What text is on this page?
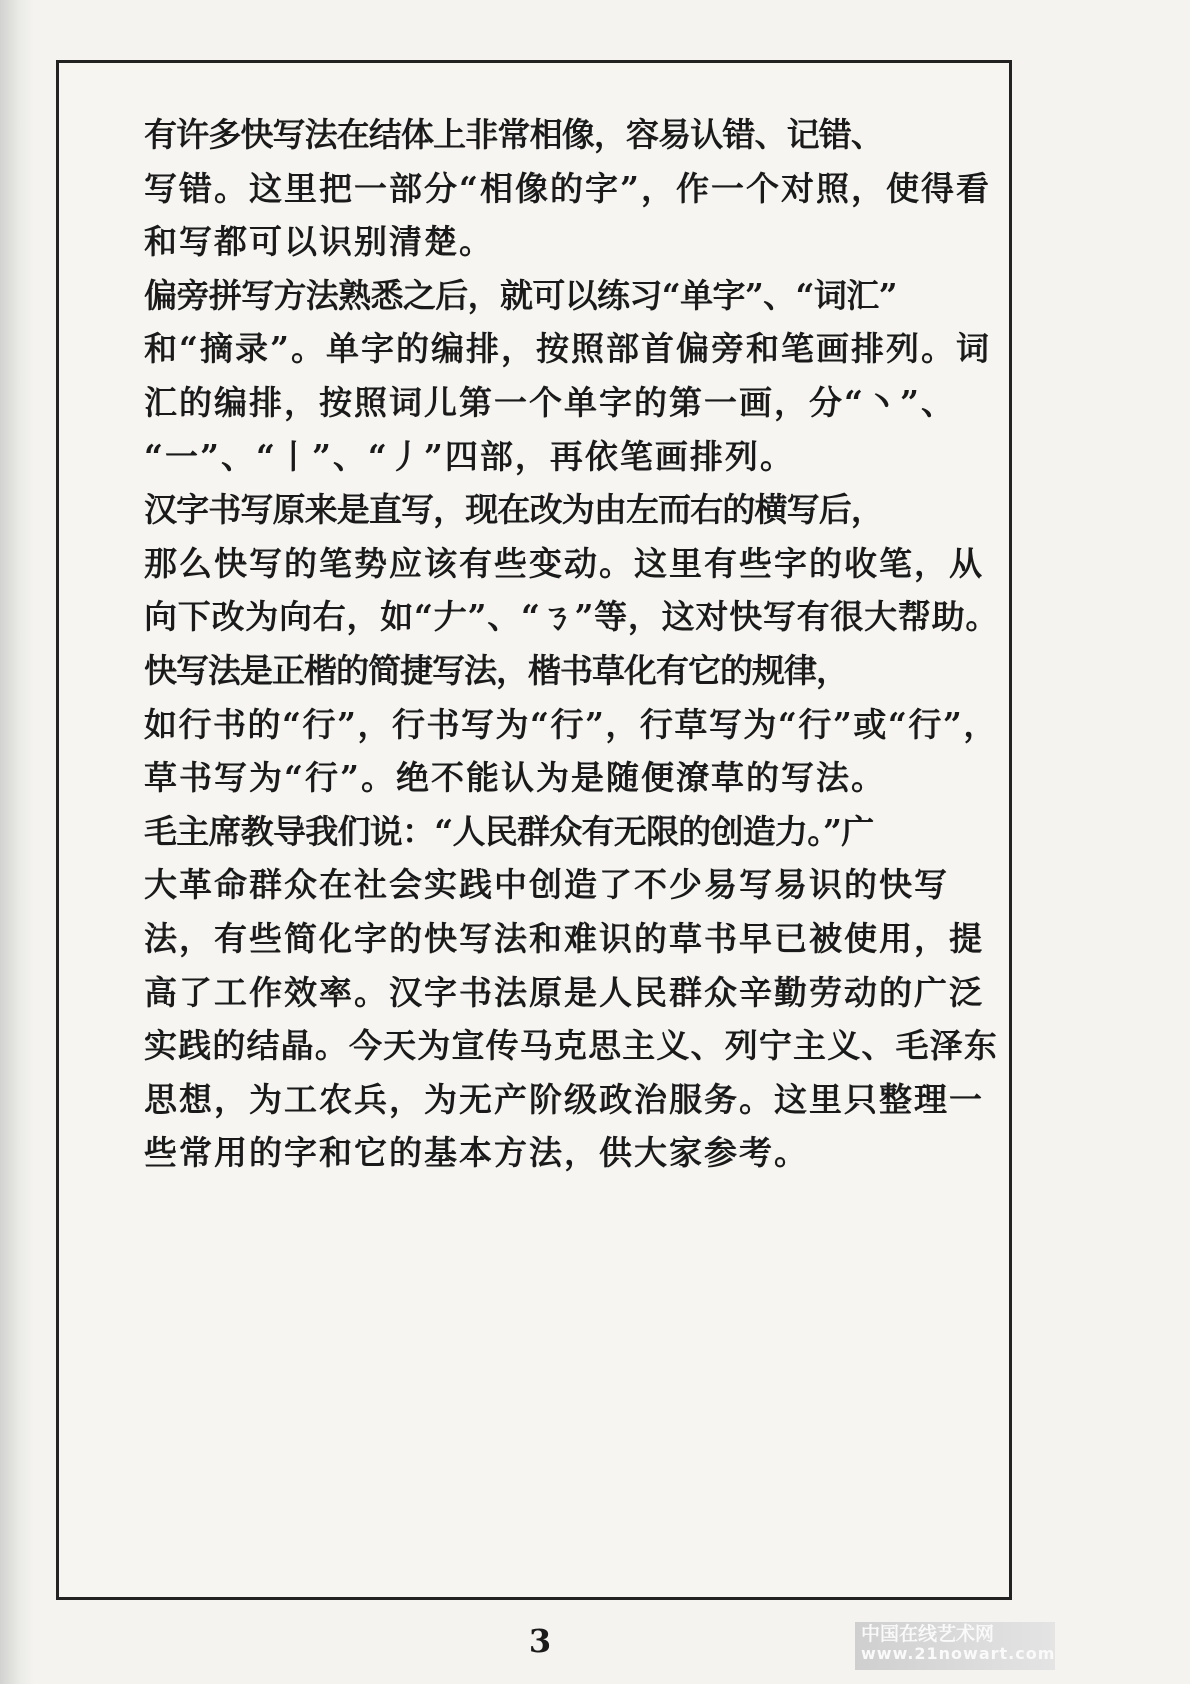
有许多快写法在结体上非常相像，容易认错、记错、
写错。这里把一部分“相像的字”，作一个对照，使得看
和写都可以识别清楚。

偏旁拼写方法熟悉之后，就可以练习“单字”、“词汇”
和“摘录”。单字的编排，按照部首偏旁和笔画排列。词
汇的编排，按照词儿第一个单字的第一画，分“丶”、
“一”、“丨”、“丿”四部，再依笔画排列。

汉字书写原来是直写，现在改为由左而右的横写后，
那么快写的笔势应该有些变动。这里有些字的收笔，从
向下改为向右，如“𠂇”、“ㄋ”等，这对快写有很大帮助。

快写法是正楷的简捷写法，楷书草化有它的规律，
如行书的“行”，行书写为“行”，行草写为“行”或“行”，
草书写为“行”。绝不能认为是随便潦草的写法。

毛主席教导我们说：“人民群众有无限的创造力。”广
大革命群众在社会实践中创造了不少易写易识的快写
法，有些简化字的快写法和难识的草书早已被使用，提
高了工作效率。汉字书法原是人民群众辛勤劳动的广泛
实践的结晶。今天为宣传马克思主义、列宁主义、毛泽东
思想，为工农兵，为无产阶级政治服务。这里只整理一
些常用的字和它的基本方法，供大家参考。

3	中国在线艺术网
www.21nowart.com
